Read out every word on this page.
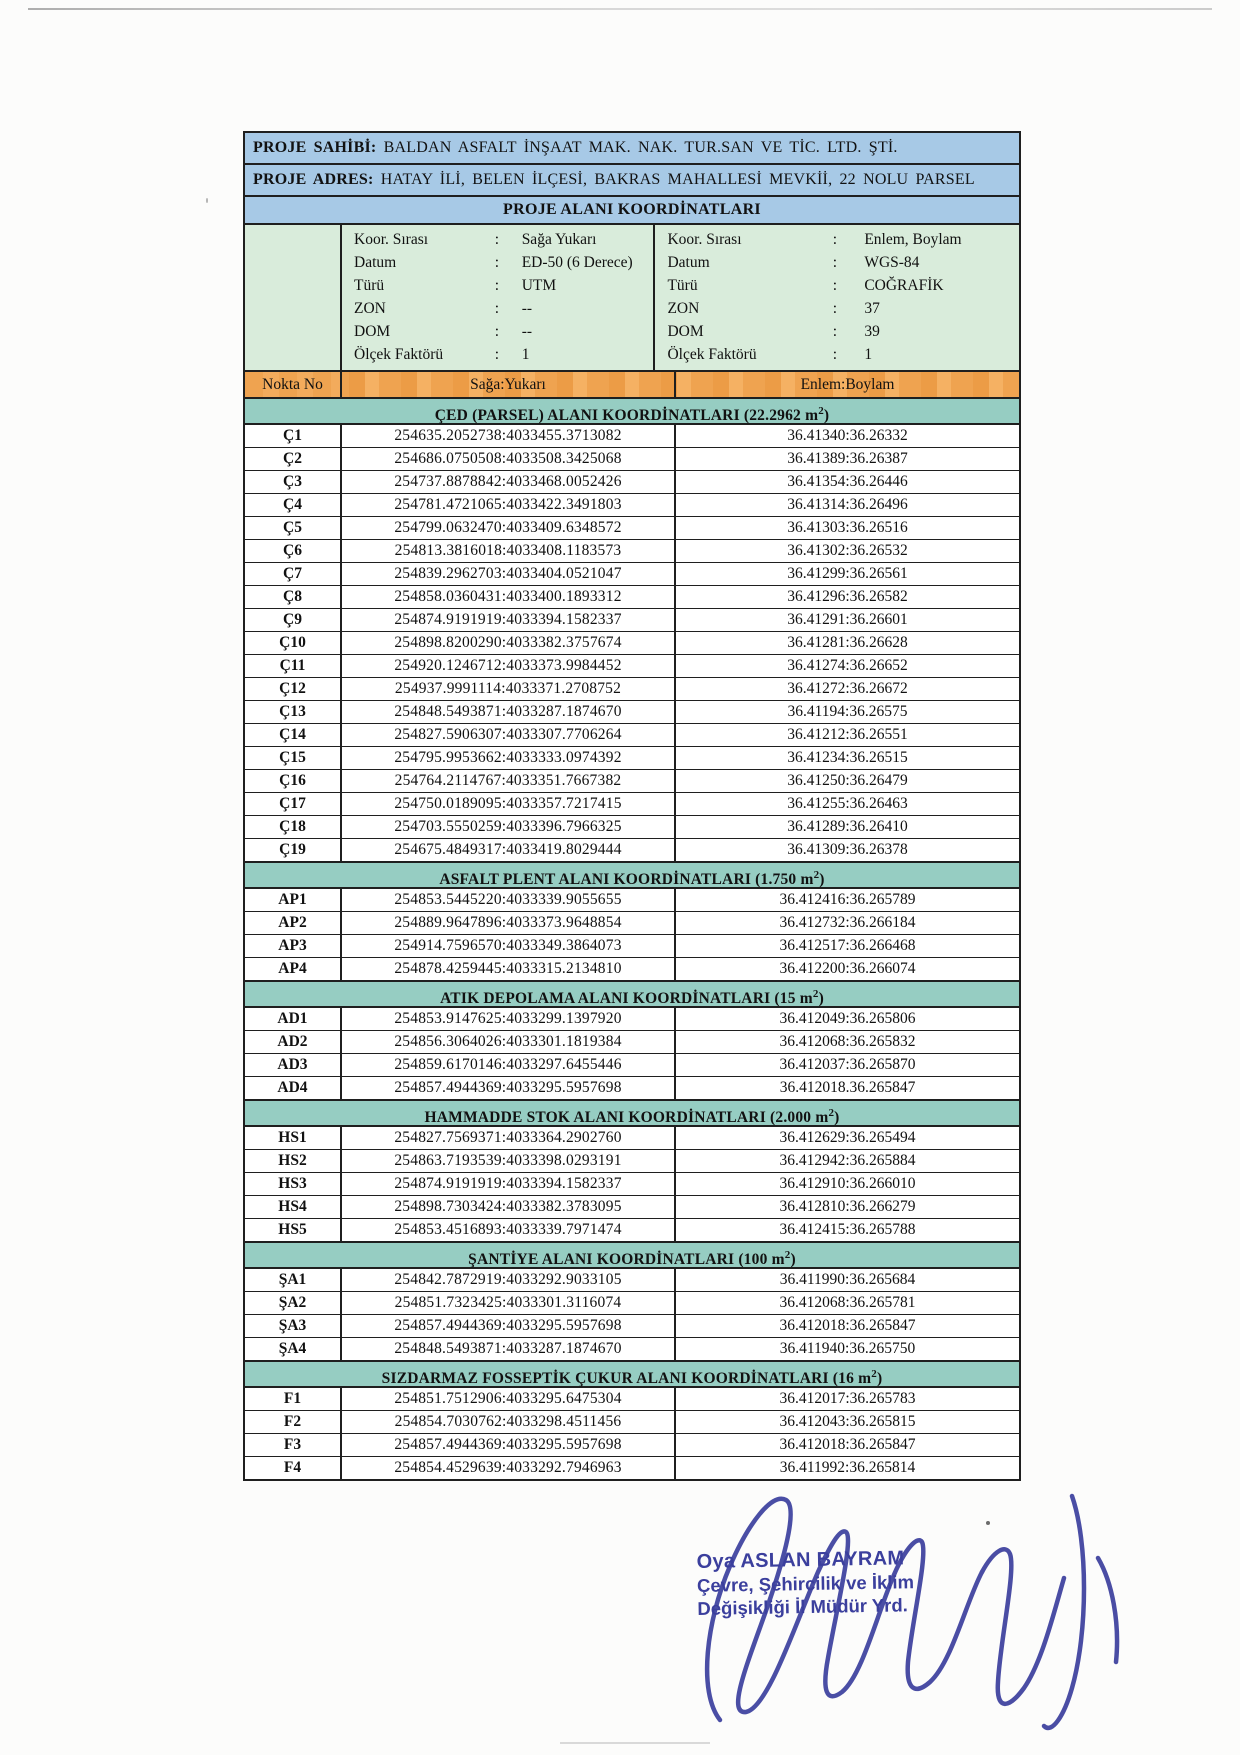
PROJE SAHİBİ: BALDAN ASFALT İNŞAAT MAK. NAK. TUR.SAN VE TİC. LTD. ŞTİ.
PROJE ADRES: HATAY İLİ, BELEN İLÇESİ, BAKRAS MAHALLESİ MEVKİİ, 22 NOLU PARSEL
PROJE ALANI KOORDİNATLARI
Koor. Sırası	:	Sağa Yukarı
Datum	:	ED-50 (6 Derece)
Türü	:	UTM
ZON	:	--
DOM	:	--
Ölçek Faktörü	:	1
Koor. Sırası	:	Enlem, Boylam
Datum	:	WGS-84
Türü	:	COĞRAFİK
ZON	:	37
DOM	:	39
Ölçek Faktörü	:	1
Nokta No	Sağa:Yukarı	Enlem:Boylam
ÇED (PARSEL) ALANI KOORDİNATLARI (22.2962 $m^2$)
Ç1	254635.2052738:4033455.3713082	36.41340:36.26332
Ç2	254686.0750508:4033508.3425068	36.41389:36.26387
Ç3	254737.8878842:4033468.0052426	36.41354:36.26446
Ç4	254781.4721065:4033422.3491803	36.41314:36.26496
Ç5	254799.0632470:4033409.6348572	36.41303:36.26516
Ç6	254813.3816018:4033408.1183573	36.41302:36.26532
Ç7	254839.2962703:4033404.0521047	36.41299:36.26561
Ç8	254858.0360431:4033400.1893312	36.41296:36.26582
Ç9	254874.9191919:4033394.1582337	36.41291:36.26601
Ç10	254898.8200290:4033382.3757674	36.41281:36.26628
Ç11	254920.1246712:4033373.9984452	36.41274:36.26652
Ç12	254937.9991114:4033371.2708752	36.41272:36.26672
Ç13	254848.5493871:4033287.1874670	36.41194:36.26575
Ç14	254827.5906307:4033307.7706264	36.41212:36.26551
Ç15	254795.9953662:4033333.0974392	36.41234:36.26515
Ç16	254764.2114767:4033351.7667382	36.41250:36.26479
Ç17	254750.0189095:4033357.7217415	36.41255:36.26463
Ç18	254703.5550259:4033396.7966325	36.41289:36.26410
Ç19	254675.4849317:4033419.8029444	36.41309:36.26378
ASFALT PLENT ALANI KOORDİNATLARI (1.750 $m^2$)
AP1	254853.5445220:4033339.9055655	36.412416:36.265789
AP2	254889.9647896:4033373.9648854	36.412732:36.266184
AP3	254914.7596570:4033349.3864073	36.412517:36.266468
AP4	254878.4259445:4033315.2134810	36.412200:36.266074
ATIK DEPOLAMA ALANI KOORDİNATLARI (15 $m^2$)
AD1	254853.9147625:4033299.1397920	36.412049:36.265806
AD2	254856.3064026:4033301.1819384	36.412068:36.265832
AD3	254859.6170146:4033297.6455446	36.412037:36.265870
AD4	254857.4944369:4033295.5957698	36.412018.36.265847
HAMMADDE STOK ALANI KOORDİNATLARI (2.000 $m^2$)
HS1	254827.7569371:4033364.2902760	36.412629:36.265494
HS2	254863.7193539:4033398.0293191	36.412942:36.265884
HS3	254874.9191919:4033394.1582337	36.412910:36.266010
HS4	254898.7303424:4033382.3783095	36.412810:36.266279
HS5	254853.4516893:4033339.7971474	36.412415:36.265788
ŞANTİYE ALANI KOORDİNATLARI (100 $m^2$)
ŞA1	254842.7872919:4033292.9033105	36.411990:36.265684
ŞA2	254851.7323425:4033301.3116074	36.412068:36.265781
ŞA3	254857.4944369:4033295.5957698	36.412018:36.265847
ŞA4	254848.5493871:4033287.1874670	36.411940:36.265750
SIZDARMAZ FOSSEPTİK ÇUKUR ALANI KOORDİNATLARI (16 $m^2$)
F1	254851.7512906:4033295.6475304	36.412017:36.265783
F2	254854.7030762:4033298.4511456	36.412043:36.265815
F3	254857.4944369:4033295.5957698	36.412018:36.265847
F4	254854.4529639:4033292.7946963	36.411992:36.265814
Oya ASLAN BAYRAM
Çevre, Şehircilik ve İklim
Değişikliği İl Müdür Yrd.
